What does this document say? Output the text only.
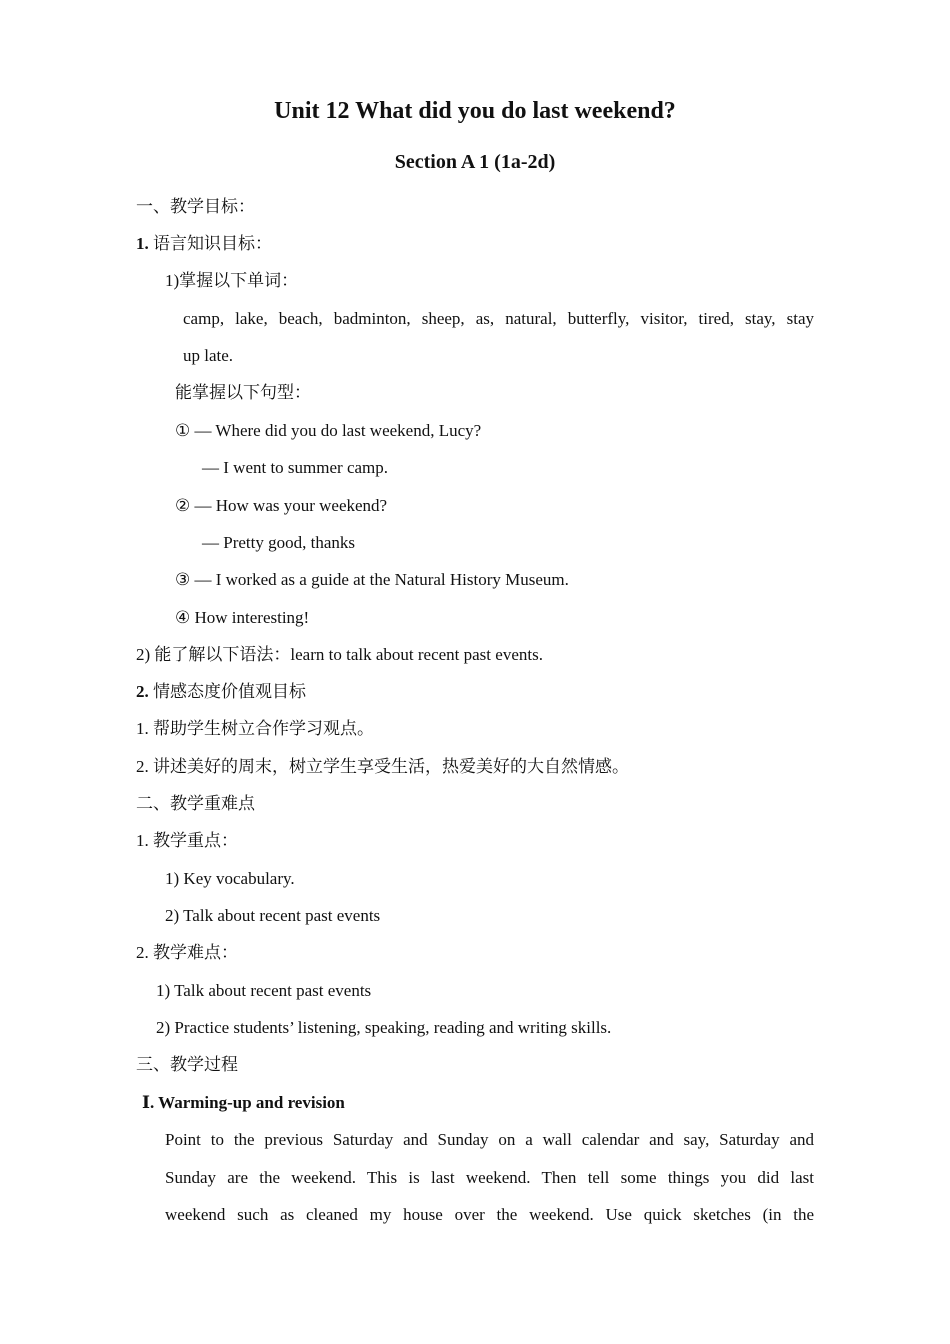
Unit 12 What did you do last weekend?
Section A 1 (1a-2d)
一、教学目标：
1. 语言知识目标：
1)掌握以下单词：
camp, lake, beach, badminton, sheep, as, natural, butterfly, visitor, tired, stay, stay
up late.
能掌握以下句型：
① — Where did you do last weekend, Lucy?
— I went to summer camp.
② — How was your weekend?
— Pretty good, thanks
③ — I worked as a guide at the Natural History Museum.
④ How interesting!
2) 能了解以下语法：learn to talk about recent past events.
2. 情感态度价值观目标
1. 帮助学生树立合作学习观点。
2. 讲述美好的周末，树立学生享受生活，热爱美好的大自然情感。
二、教学重难点
1. 教学重点：
1) Key vocabulary.
2) Talk about recent past events
2. 教学难点：
1) Talk about recent past events
2) Practice students’ listening, speaking, reading and writing skills.
三、教学过程
Ⅰ. Warming-up and revision
Point to the previous Saturday and Sunday on a wall calendar and say, Saturday and
Sunday are the weekend. This is last weekend. Then tell some things you did last
weekend such as cleaned my house over the weekend. Use quick sketches (in the
